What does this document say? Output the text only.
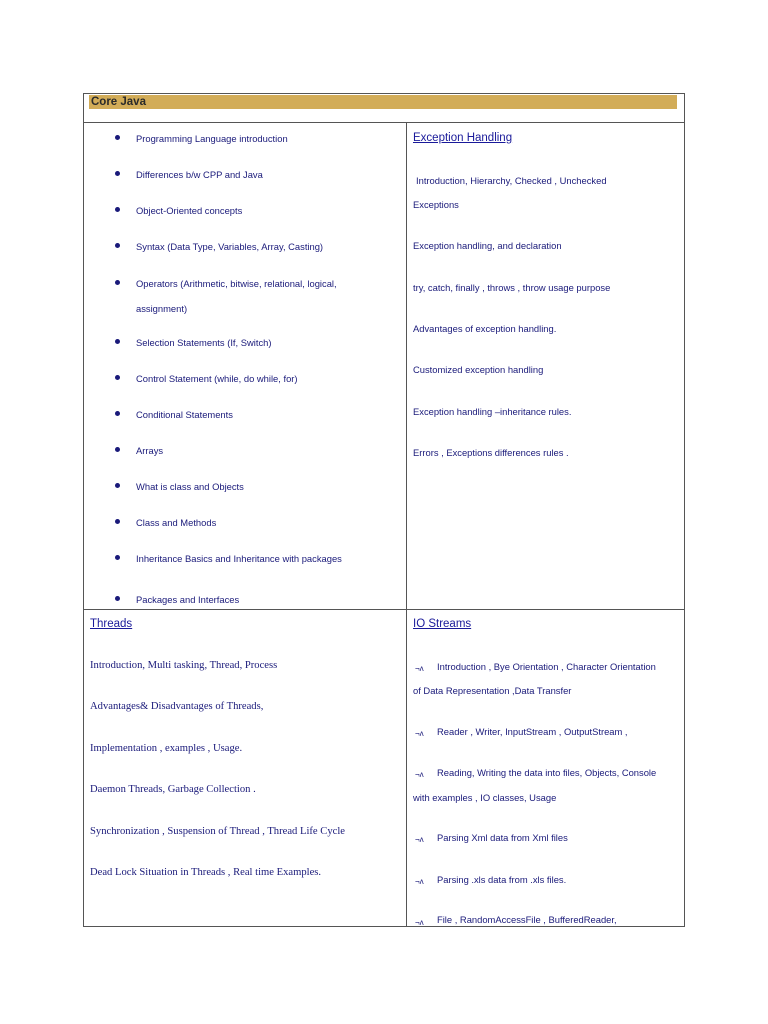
Core Java
Programming Language introduction
Differences b/w CPP and Java
Object-Oriented concepts
Syntax (Data Type, Variables, Array, Casting)
Operators (Arithmetic, bitwise, relational, logical,
assignment)
Selection Statements (If, Switch)
Control Statement (while, do while, for)
Conditional Statements
Arrays
What is class and Objects
Class and Methods
Inheritance Basics and Inheritance with packages
Packages and Interfaces
Exception Handling
Introduction, Hierarchy, Checked , Unchecked
Exceptions
Exception handling, and declaration
try, catch, finally , throws , throw usage purpose
Advantages of exception handling.
Customized exception handling
Exception handling –inheritance rules.
Errors , Exceptions differences rules .
Threads
Introduction, Multi tasking, Thread, Process
Advantages& Disadvantages of Threads,
Implementation , examples , Usage.
Daemon Threads, Garbage Collection .
Synchronization , Suspension of Thread , Thread Life Cycle
Dead Lock Situation in Threads , Real time Examples.
IO Streams
¬ʌ Introduction , Bye Orientation , Character Orientation
of Data Representation ,Data Transfer
¬ʌ Reader , Writer, InputStream , OutputStream ,
¬ʌ Reading, Writing the data into files, Objects, Console
with examples , IO classes, Usage
¬ʌ Parsing Xml data from Xml files
¬ʌ Parsing .xls data from .xls files.
¬ʌ File , RandomAccessFile , BufferedReader,
